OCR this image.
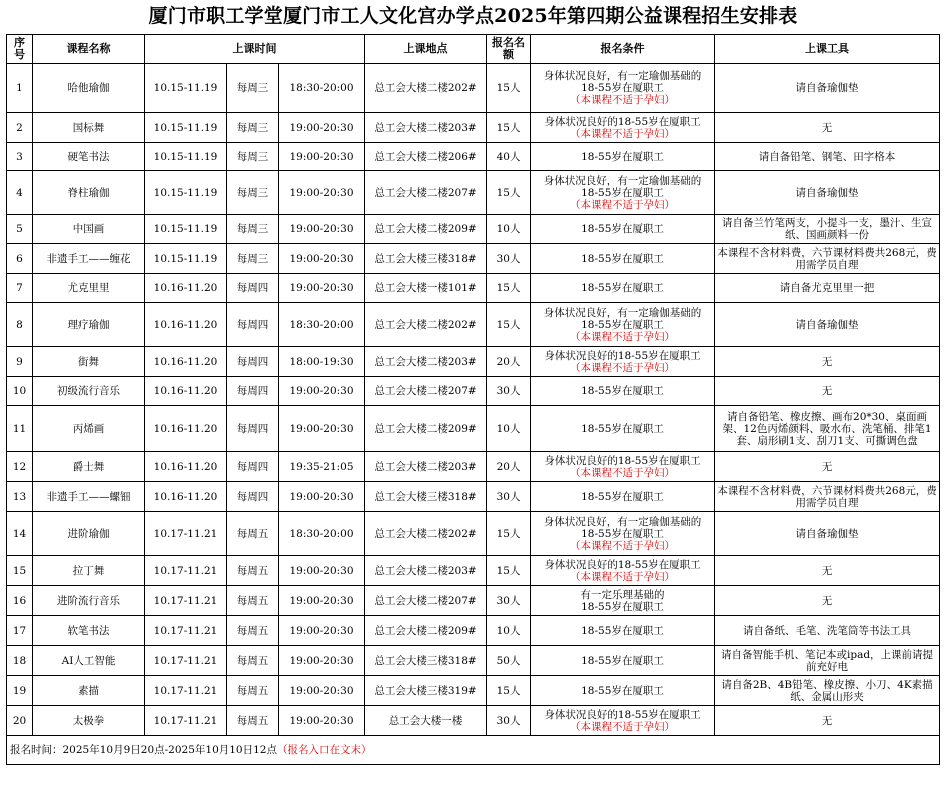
厦门市职工学堂厦门市工人文化宫办学点2025年第四期公益课程招生安排表
序号	课程名称	上课时间			上课地点	报名名额	报名条件	上课工具
1	哈他瑜伽	10.15-11.19	每周三	18:30-20:00	总工会大楼二楼202#	15人	身体状况良好，有一定瑜伽基础的
18-55岁在厦职工
（本课程不适于孕妇）	请自备瑜伽垫
2	国标舞	10.15-11.19	每周三	19:00-20:30	总工会大楼二楼203#	15人	身体状况良好的18-55岁在厦职工
（本课程不适于孕妇）	无
3	硬笔书法	10.15-11.19	每周三	19:00-20:30	总工会大楼二楼206#	40人	18-55岁在厦职工	请自备铅笔、钢笔、田字格本
4	脊柱瑜伽	10.15-11.19	每周三	19:00-20:30	总工会大楼二楼207#	15人	身体状况良好，有一定瑜伽基础的
18-55岁在厦职工
（本课程不适于孕妇）	请自备瑜伽垫
5	中国画	10.15-11.19	每周三	19:00-20:30	总工会大楼二楼209#	10人	18-55岁在厦职工	请自备兰竹笔两支，小提斗一支，墨汁、生宣纸、国画颜料一份
6	非遗手工——缠花	10.15-11.19	每周三	19:00-20:30	总工会大楼三楼318#	30人	18-55岁在厦职工	本课程不含材料费，六节课材料费共268元，费用需学员自理
7	尤克里里	10.16-11.20	每周四	19:00-20:30	总工会大楼一楼101#	15人	18-55岁在厦职工	请自备尤克里里一把
8	理疗瑜伽	10.16-11.20	每周四	18:30-20:00	总工会大楼二楼202#	15人	身体状况良好，有一定瑜伽基础的
18-55岁在厦职工
（本课程不适于孕妇）	请自备瑜伽垫
9	街舞	10.16-11.20	每周四	18:00-19:30	总工会大楼二楼203#	20人	身体状况良好的18-55岁在厦职工
（本课程不适于孕妇）	无
10	初级流行音乐	10.16-11.20	每周四	19:00-20:30	总工会大楼二楼207#	30人	18-55岁在厦职工	无
11	丙烯画	10.16-11.20	每周四	19:00-20:30	总工会大楼二楼209#	10人	18-55岁在厦职工	请自备铅笔、橡皮擦、画布20*30、桌面画架、12色丙烯颜料、吸水布、洗笔桶、排笔1套、扇形刷1支、刮刀1支、可撕调色盘
12	爵士舞	10.16-11.20	每周四	19:35-21:05	总工会大楼二楼203#	20人	身体状况良好的18-55岁在厦职工
（本课程不适于孕妇）	无
13	非遗手工——螺钿	10.16-11.20	每周四	19:00-20:30	总工会大楼三楼318#	30人	18-55岁在厦职工	本课程不含材料费，六节课材料费共268元，费用需学员自理
14	进阶瑜伽	10.17-11.21	每周五	18:30-20:00	总工会大楼二楼202#	15人	身体状况良好，有一定瑜伽基础的
18-55岁在厦职工
（本课程不适于孕妇）	请自备瑜伽垫
15	拉丁舞	10.17-11.21	每周五	19:00-20:30	总工会大楼二楼203#	15人	身体状况良好的18-55岁在厦职工
（本课程不适于孕妇）	无
16	进阶流行音乐	10.17-11.21	每周五	19:00-20:30	总工会大楼二楼207#	30人	有一定乐理基础的
18-55岁在厦职工	无
17	软笔书法	10.17-11.21	每周五	19:00-20:30	总工会大楼二楼209#	10人	18-55岁在厦职工	请自备纸、毛笔、洗笔筒等书法工具
18	AI人工智能	10.17-11.21	每周五	19:00-20:30	总工会大楼三楼318#	50人	18-55岁在厦职工	请自备智能手机、笔记本或ipad，上课前请提前充好电
19	素描	10.17-11.21	每周五	19:00-20:30	总工会大楼三楼319#	15人	18-55岁在厦职工	请自备2B、4B铅笔、橡皮擦、小刀、4K素描纸、金属山形夹
20	太极拳	10.17-11.21	每周五	19:00-20:30	总工会大楼一楼	30人	身体状况良好的18-55岁在厦职工
（本课程不适于孕妇）	无
报名时间：2025年10月9日20点-2025年10月10日12点（报名入口在文末）								
